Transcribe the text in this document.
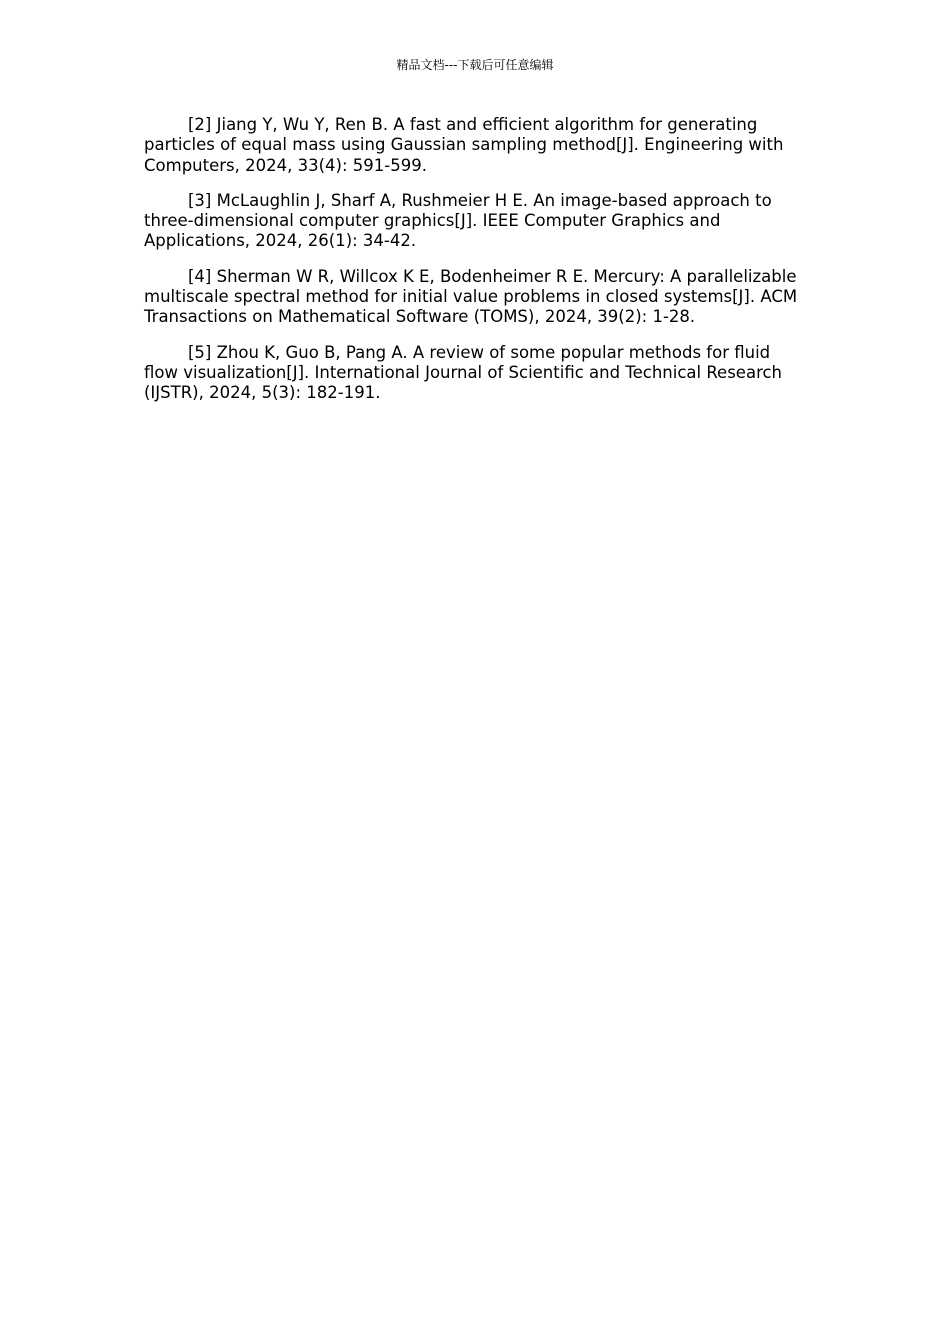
精品文档---下载后可任意编辑

[2] Jiang Y, Wu Y, Ren B. A fast and efficient algorithm for generating particles of equal mass using Gaussian sampling method[J]. Engineering with Computers, 2024, 33(4): 591-599.

[3] McLaughlin J, Sharf A, Rushmeier H E. An image-based approach to three-dimensional computer graphics[J]. IEEE Computer Graphics and Applications, 2024, 26(1): 34-42.

[4] Sherman W R, Willcox K E, Bodenheimer R E. Mercury: A parallelizable multiscale spectral method for initial value problems in closed systems[J]. ACM Transactions on Mathematical Software (TOMS), 2024, 39(2): 1-28.

[5] Zhou K, Guo B, Pang A. A review of some popular methods for fluid flow visualization[J]. International Journal of Scientific and Technical Research (IJSTR), 2024, 5(3): 182-191.
